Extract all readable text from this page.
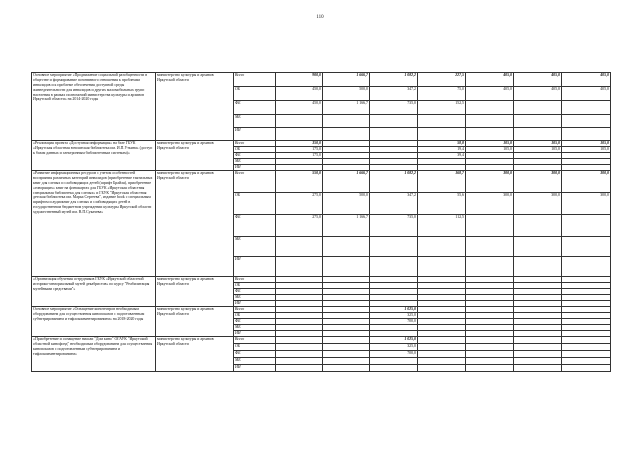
110
Основное мероприятие «Продвижение социальной разобщенности в обществе и формирование позитивного отношения к проблемам инвалидов и к проблеме обеспечения доступной среды жизнедеятельности для инвалидов и других маломобильных групп населения в рамках полномочий министерства культуры и архивов Иркутской области» на 2014-2020 годы	министерство культуры и архивов Иркутской области	Всего	900,0	1 666,7	1 082,2	227,5	405,0	405,0	405,0
		ОБ	450,0	500,0	347,2	75,0	405,0	405,0	405,0
		ФБ	450,0	1 166,7	735,0	152,5			
		МБ							
		ИИ							
«Реализация проекта «Доступная информация» на базе ГБУК «Иркутская областная юношеская библиотека им. И.П.Уткина» (доступ к базам данных и электронным библиотечным системам)»	министерство культуры и архивов Иркутской области	Всего	350,0			58,8	105,0	105,0	105,0
		ОБ	175,0			19,4	105,0	105,0	105,0
		ФБ	175,0			39,4			
		МБ							
		ИИ							
«Развитие информационных ресурсов с учетом особенностей восприятия различных категорий инвалидов (приобретение тактильных книг для слепых и слабовидящих детей (шрифт Брайля), приобретение «говорящих» книг на флешкартах для ГБУК «Иркутская областная специальная библиотека для слепых» и ГБУК "Иркутская областная детская библиотека им. Марка Сергеева", издание book с специальным шрифтом и аудиокниг для слепых и слабовидящих детей в государственном бюджетном учреждении культуры Иркутской области художественный музей им. В.П.Сукачева»	министерство культуры и архивов Иркутской области	Всего	550,0	1 666,7	1 082,2	168,7	300,0	300,0	300,0
		ОБ	275,0	500,0	347,2	55,6	300,0	300,0	300,0
		ФБ	275,0	1 166,7	735,0	112,5			
		МБ							
		ИИ							
«Организация обучения сотрудников ГБУК «Иркутской областной историко-мемориальный музей декабристов» по курсу "Реабилитация музейными средствами"»	министерство культуры и архивов Иркутской области	Всего							
		ОБ							
		ФБ							
		МБ							
		ИИ							
Основное мероприятие «Оснащение кинотеатров необходимым оборудованием для осуществления кинопоказов с подготовленным субтитрированием и тифлокомментированием» на 2018-2020 годы	министерство культуры и архивов Иркутской области	Всего			1 025,0				
		ОБ			325,0				
		ФБ			700,0				
		МБ							
		ИИ							
«Приобретение и оснащение ниасаи "Дом кино" ОГАУК "Иркутский областной кинофонд" необходимым оборудованием для осуществления кинопоказов с подготовленным субтитрированием и тифлокомментированием»	министерство культуры и архивов Иркутской области	Всего			1 025,0				
		ОБ			325,0				
		ФБ			700,0				
		МБ							
		ИИ							
